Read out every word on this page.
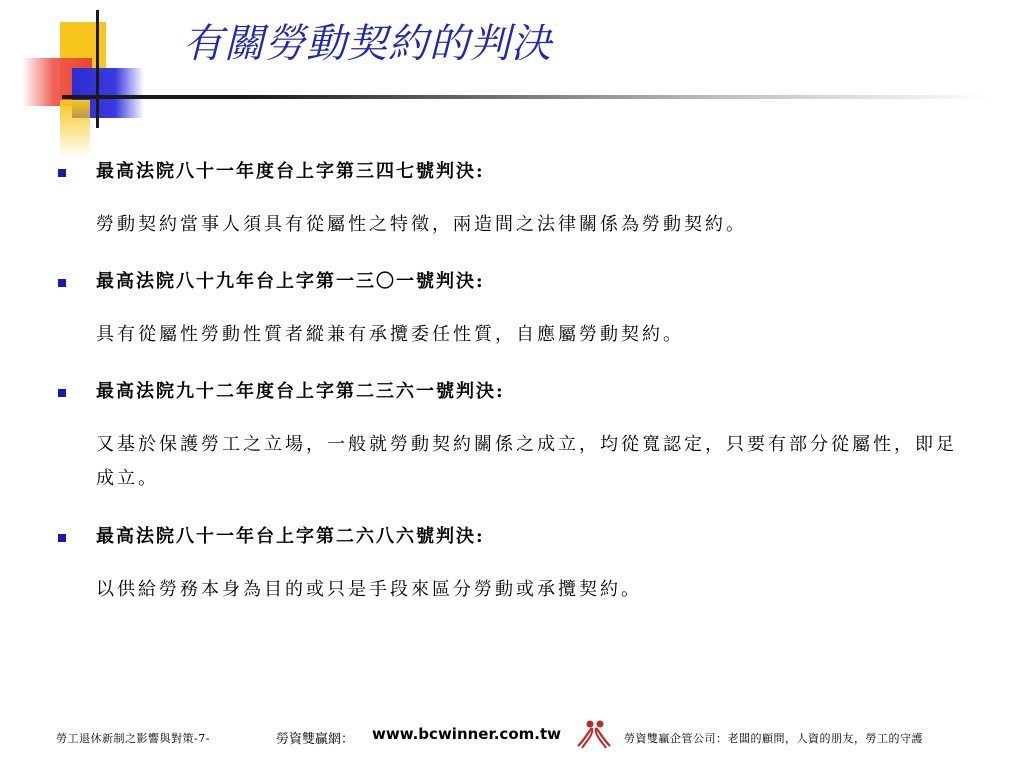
有關勞動契約的判決
最高法院八十一年度台上字第三四七號判決:
勞動契約當事人須具有從屬性之特徵，兩造間之法律關係為勞動契約。
最高法院八十九年台上字第一三〇一號判決:
具有從屬性勞動性質者縱兼有承攬委任性質，自應屬勞動契約。
最高法院九十二年度台上字第二三六一號判決:
又基於保護勞工之立場，一般就勞動契約關係之成立，均從寬認定，只要有部分從屬性，即足成立。
最高法院八十一年台上字第二六八六號判決:
以供給勞務本身為目的或只是手段來區分勞動或承攬契約。
勞工退休新制之影響與對策-7-	勞資雙贏網： www.bcwinner.com.tw	勞資雙贏企管公司：老闆的顧問，人資的朋友，勞工的守護
